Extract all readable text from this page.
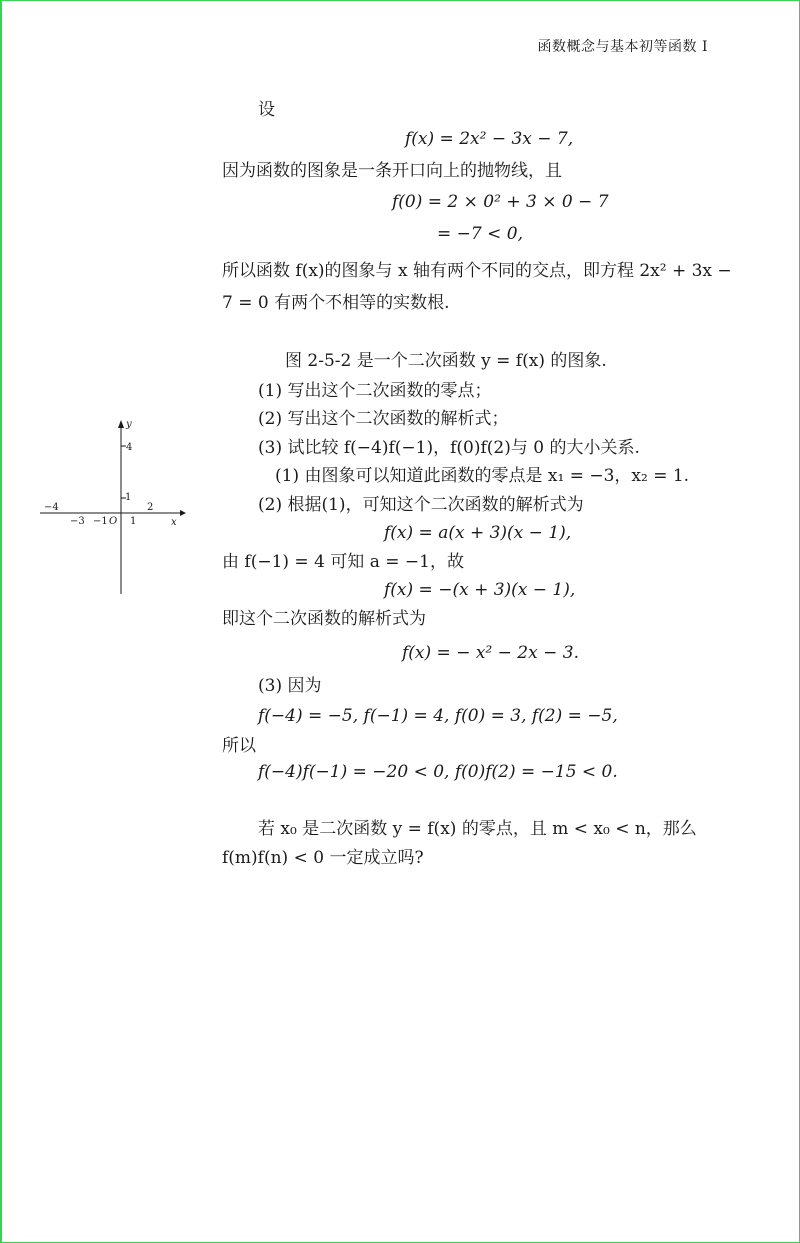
函数概念与基本初等函数 I
设
f(x) = 2x² − 3x − 7,
因为函数的图象是一条开口向上的抛物线，且
f(0) = 2 × 0² + 3 × 0 − 7
= −7 < 0,
所以函数 f(x)的图象与 x 轴有两个不同的交点，即方程 2x² + 3x −
7 = 0 有两个不相等的实数根.
图 2-5-2 是一个二次函数 y = f(x) 的图象.
(1) 写出这个二次函数的零点；
(2) 写出这个二次函数的解析式；
(3) 试比较 f(−4)f(−1)，f(0)f(2)与 0 的大小关系.
(1) 由图象可以知道此函数的零点是 x₁ = −3，x₂ = 1.
(2) 根据(1)，可知这个二次函数的解析式为
f(x) = a(x + 3)(x − 1),
由 f(−1) = 4 可知 a = −1，故
f(x) = −(x + 3)(x − 1),
即这个二次函数的解析式为
f(x) = − x² − 2x − 3.
(3) 因为
f(−4) = −5, f(−1) = 4, f(0) = 3, f(2) = −5,
所以
f(−4)f(−1) = −20 < 0, f(0)f(2) = −15 < 0.
若 x₀ 是二次函数 y = f(x) 的零点，且 m < x₀ < n，那么
f(m)f(n) < 0 一定成立吗?
y
x
4
1
−4
−3 −1 O 1
2
